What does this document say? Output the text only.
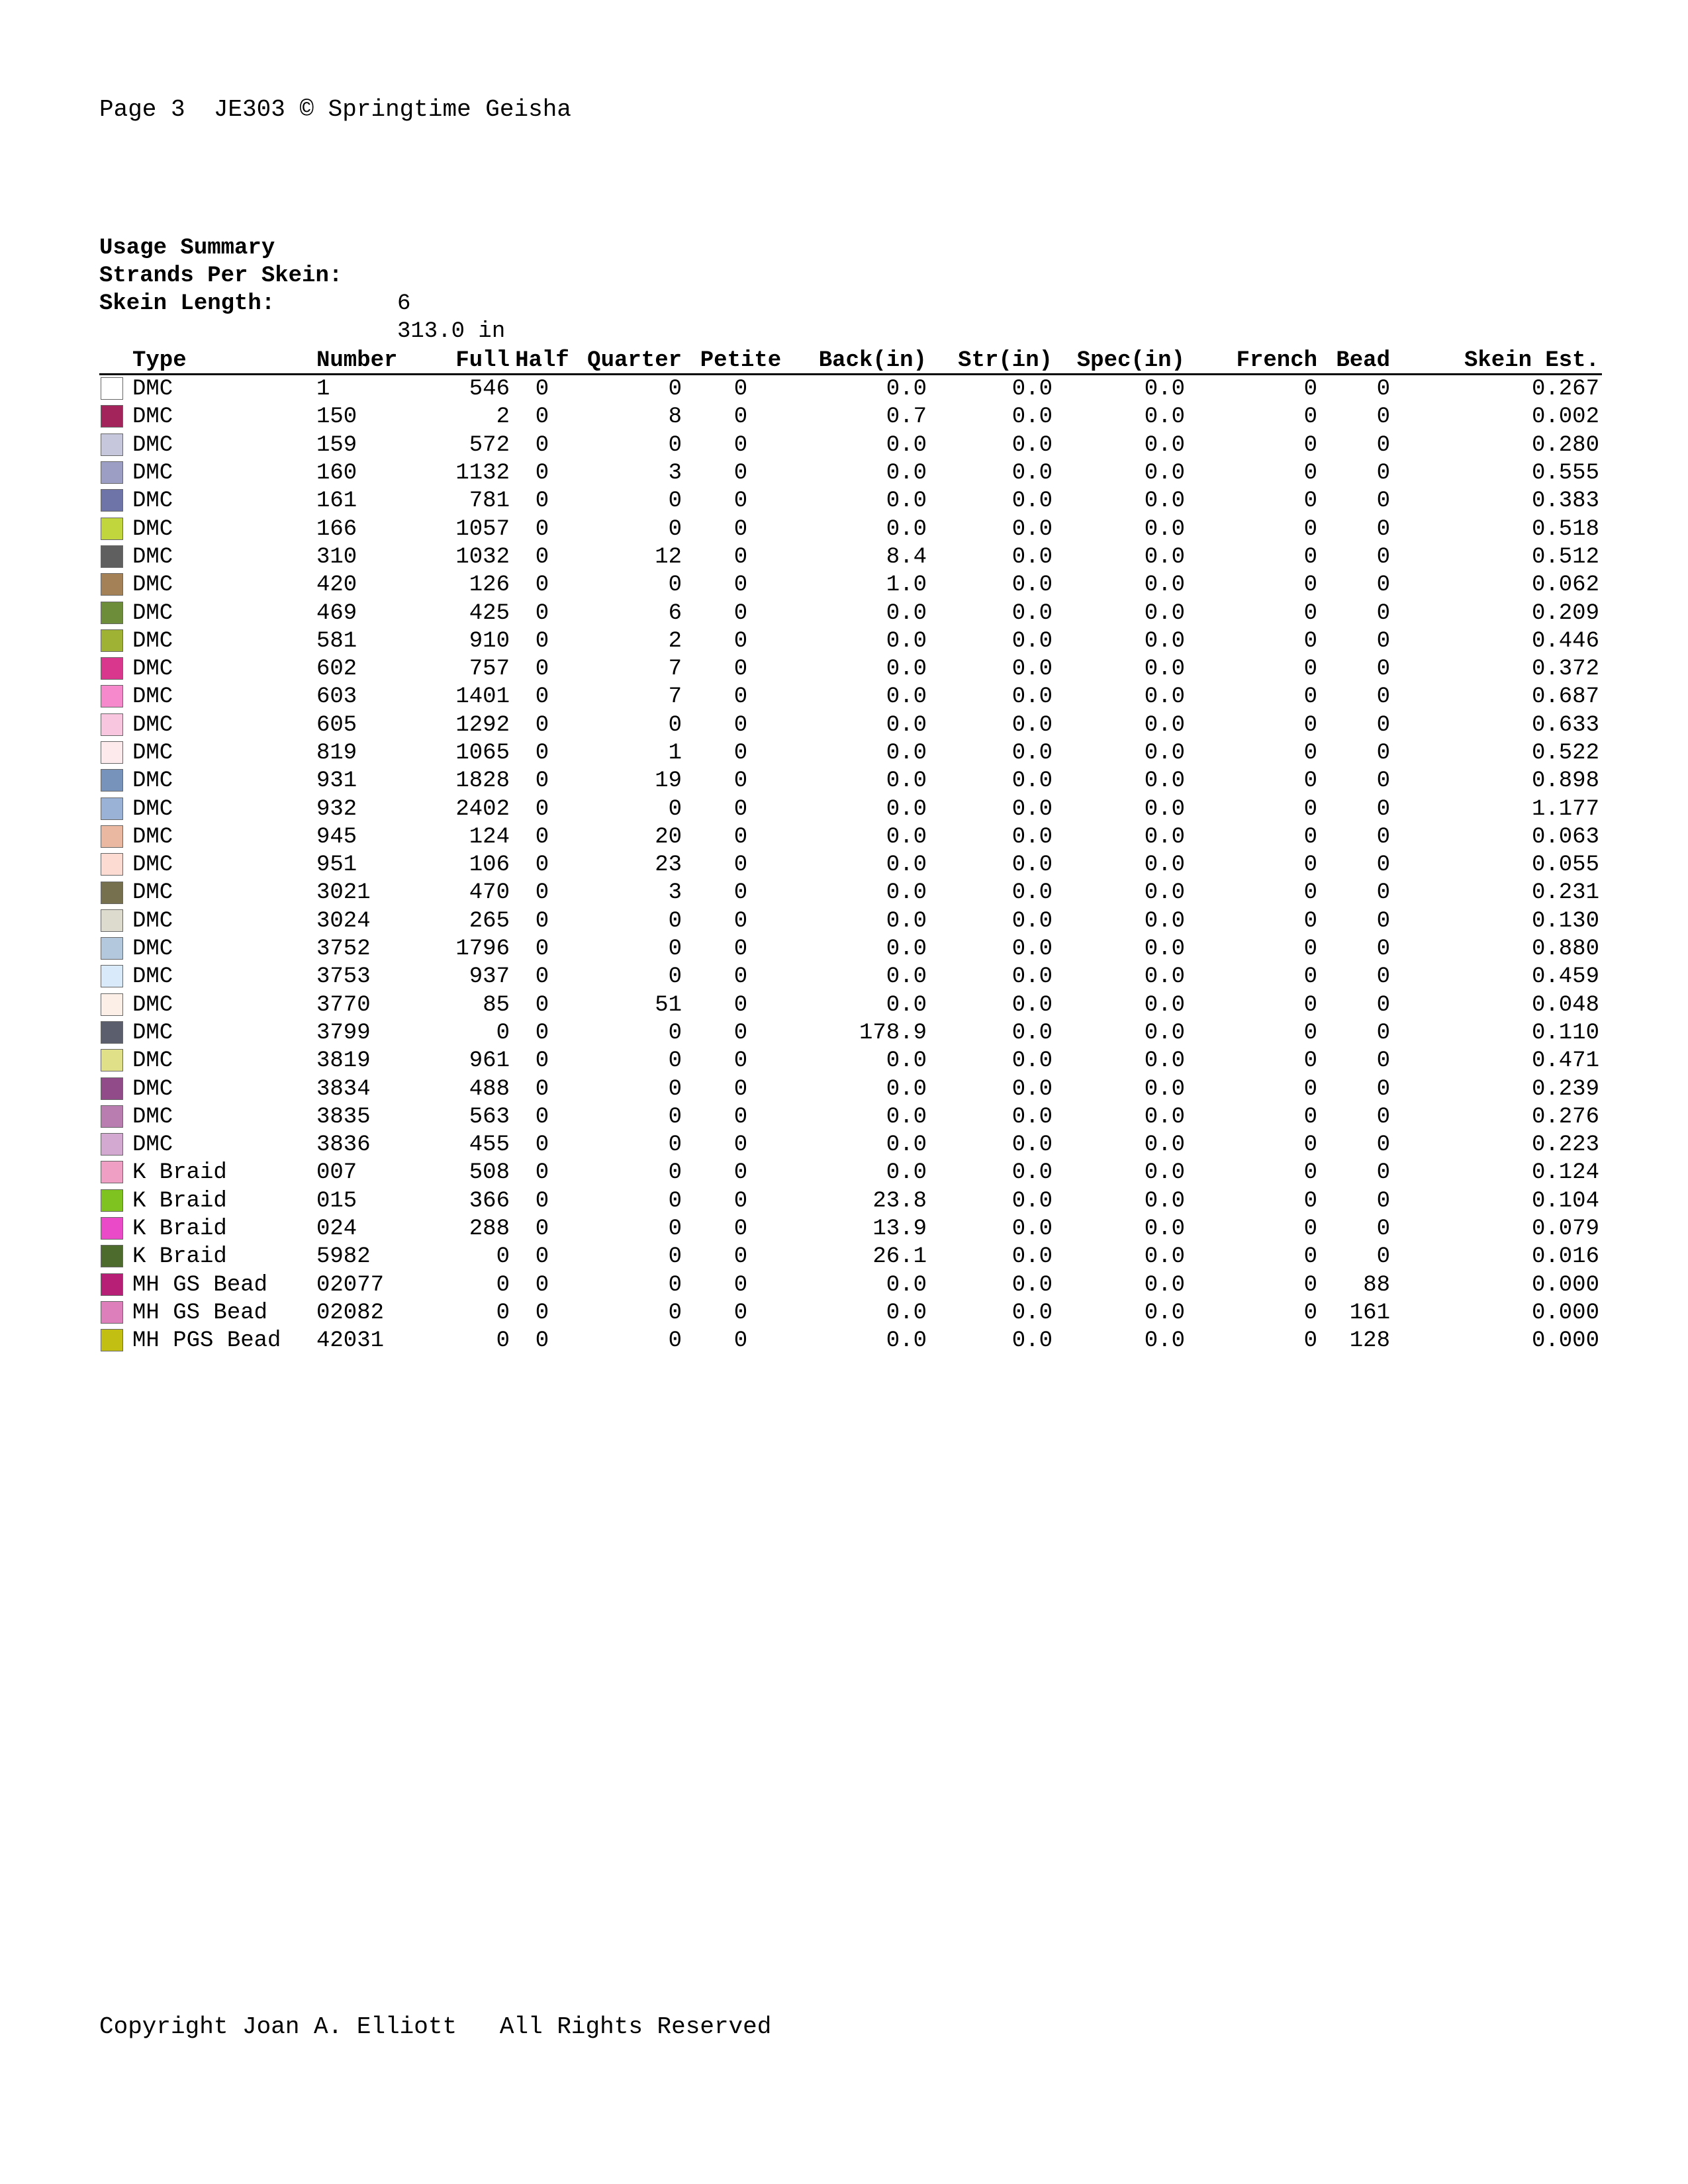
Page 3  JE303 © Springtime Geisha

Usage Summary

Strands Per Skein:

6

Skein Length:

313.0 in

	Type	Number	Full	Half	Quarter	Petite	Back(in)	Str(in)	Spec(in)	French	Bead	Skein Est.
	DMC	1	546	0	0	0	0.0	0.0	0.0	0	0	0.267
	DMC	150	2	0	8	0	0.7	0.0	0.0	0	0	0.002
	DMC	159	572	0	0	0	0.0	0.0	0.0	0	0	0.280
	DMC	160	1132	0	3	0	0.0	0.0	0.0	0	0	0.555
	DMC	161	781	0	0	0	0.0	0.0	0.0	0	0	0.383
	DMC	166	1057	0	0	0	0.0	0.0	0.0	0	0	0.518
	DMC	310	1032	0	12	0	8.4	0.0	0.0	0	0	0.512
	DMC	420	126	0	0	0	1.0	0.0	0.0	0	0	0.062
	DMC	469	425	0	6	0	0.0	0.0	0.0	0	0	0.209
	DMC	581	910	0	2	0	0.0	0.0	0.0	0	0	0.446
	DMC	602	757	0	7	0	0.0	0.0	0.0	0	0	0.372
	DMC	603	1401	0	7	0	0.0	0.0	0.0	0	0	0.687
	DMC	605	1292	0	0	0	0.0	0.0	0.0	0	0	0.633
	DMC	819	1065	0	1	0	0.0	0.0	0.0	0	0	0.522
	DMC	931	1828	0	19	0	0.0	0.0	0.0	0	0	0.898
	DMC	932	2402	0	0	0	0.0	0.0	0.0	0	0	1.177
	DMC	945	124	0	20	0	0.0	0.0	0.0	0	0	0.063
	DMC	951	106	0	23	0	0.0	0.0	0.0	0	0	0.055
	DMC	3021	470	0	3	0	0.0	0.0	0.0	0	0	0.231
	DMC	3024	265	0	0	0	0.0	0.0	0.0	0	0	0.130
	DMC	3752	1796	0	0	0	0.0	0.0	0.0	0	0	0.880
	DMC	3753	937	0	0	0	0.0	0.0	0.0	0	0	0.459
	DMC	3770	85	0	51	0	0.0	0.0	0.0	0	0	0.048
	DMC	3799	0	0	0	0	178.9	0.0	0.0	0	0	0.110
	DMC	3819	961	0	0	0	0.0	0.0	0.0	0	0	0.471
	DMC	3834	488	0	0	0	0.0	0.0	0.0	0	0	0.239
	DMC	3835	563	0	0	0	0.0	0.0	0.0	0	0	0.276
	DMC	3836	455	0	0	0	0.0	0.0	0.0	0	0	0.223
	K Braid	007	508	0	0	0	0.0	0.0	0.0	0	0	0.124
	K Braid	015	366	0	0	0	23.8	0.0	0.0	0	0	0.104
	K Braid	024	288	0	0	0	13.9	0.0	0.0	0	0	0.079
	K Braid	5982	0	0	0	0	26.1	0.0	0.0	0	0	0.016
	MH GS Bead	02077	0	0	0	0	0.0	0.0	0.0	0	88	0.000
	MH GS Bead	02082	0	0	0	0	0.0	0.0	0.0	0	161	0.000
	MH PGS Bead	42031	0	0	0	0	0.0	0.0	0.0	0	128	0.000
Copyright Joan A. Elliott   All Rights Reserved
